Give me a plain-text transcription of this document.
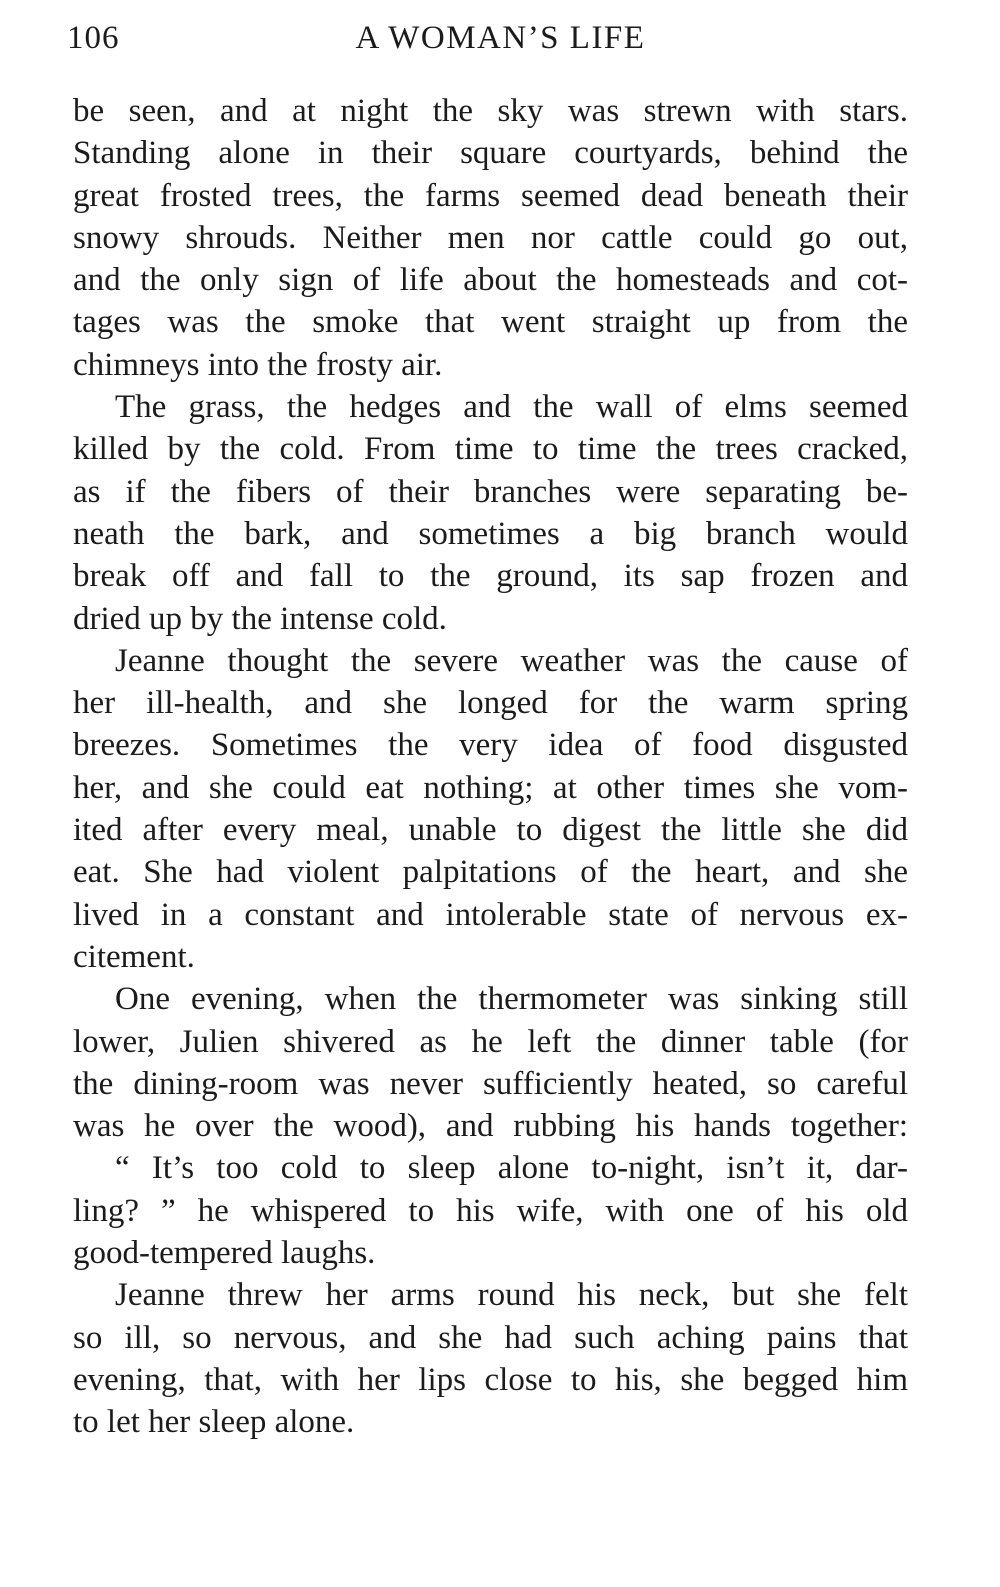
106	A WOMAN’S LIFE

be seen, and at night the sky was strewn with stars.
Standing alone in their square courtyards, behind the
great frosted trees, the farms seemed dead beneath their
snowy shrouds. Neither men nor cattle could go out,
and the only sign of life about the homesteads and cot-
tages was the smoke that went straight up from the
chimneys into the frosty air.

The grass, the hedges and the wall of elms seemed
killed by the cold. From time to time the trees cracked,
as if the fibers of their branches were separating be-
neath the bark, and sometimes a big branch would
break off and fall to the ground, its sap frozen and
dried up by the intense cold.

Jeanne thought the severe weather was the cause of
her ill-health, and she longed for the warm spring
breezes. Sometimes the very idea of food disgusted
her, and she could eat nothing; at other times she vom-
ited after every meal, unable to digest the little she did
eat. She had violent palpitations of the heart, and she
lived in a constant and intolerable state of nervous ex-
citement.

One evening, when the thermometer was sinking still
lower, Julien shivered as he left the dinner table (for
the dining-room was never sufficiently heated, so careful
was he over the wood), and rubbing his hands together:

“ It’s too cold to sleep alone to-night, isn’t it, dar-
ling? ” he whispered to his wife, with one of his old
good-tempered laughs.

Jeanne threw her arms round his neck, but she felt
so ill, so nervous, and she had such aching pains that
evening, that, with her lips close to his, she begged him
to let her sleep alone.
